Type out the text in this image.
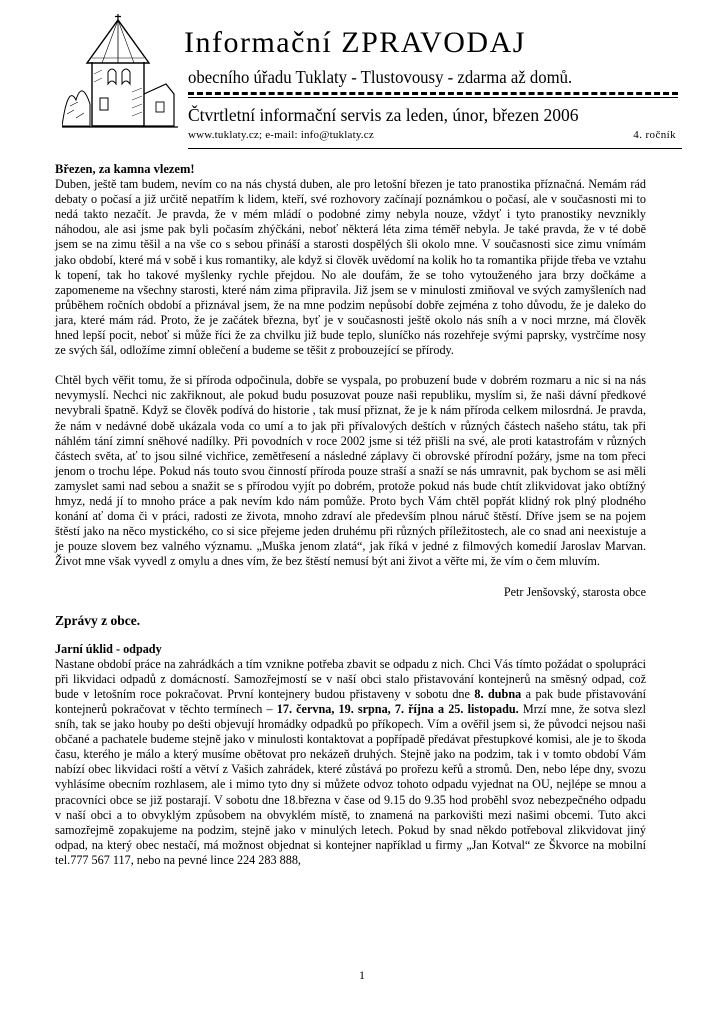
Informační ZPRAVODAJ
obecního úřadu Tuklaty - Tlustovousy - zdarma až domů.
Čtvrtletní informační servis za leden, únor, březen 2006
www.tuklaty.cz; e-mail: info@tuklaty.cz	4. ročník
Březen, za kamna vlezem!

Duben, ještě tam budem, nevím co na nás chystá duben, ale pro letošní březen je tato pranostika příznačná. Nemám rád debaty o počasí a již určitě nepatřím k lidem, kteří, své rozhovory začínají poznámkou o počasí, ale v současnosti mi to nedá takto nezačít. Je pravda, že v mém mládí o podobné zimy nebyla nouze, vždyť i tyto pranostiky nevznikly náhodou, ale asi jsme pak byli počasím zhýčkáni, neboť některá léta zima téměř nebyla. Je také pravda, že v té době jsem se na zimu těšil a na vše co s sebou přináší a starosti dospělých šli okolo mne. V současnosti sice zimu vnímám jako období, které má v sobě i kus romantiky, ale když si člověk uvědomí na kolik ho ta romantika přijde třeba ve vztahu k topení, tak ho takové myšlenky rychle přejdou. No ale doufám, že se toho vytouženého jara brzy dočkáme a zapomeneme na všechny starosti, které nám zima připravila. Již jsem se v minulosti zmiňoval ve svých zamyšleních nad průběhem ročních období a přiznával jsem, že na mne podzim nepůsobí dobře zejména z toho důvodu, že je daleko do jara, které mám rád. Proto, že je začátek března, byť je v současnosti ještě okolo nás sníh a v noci mrzne, má člověk hned lepší pocit, neboť si může říci že za chvilku již bude teplo, sluníčko nás rozehřeje svými paprsky, vystrčíme nosy ze svých šál, odložíme zimní oblečení a budeme se těšit z probouzející se přírody.

Chtěl bych věřit tomu, že si příroda odpočinula, dobře se vyspala, po probuzení bude v dobrém rozmaru a nic si na nás nevymyslí. Nechci nic zakřiknout, ale pokud budu posuzovat pouze naši republiku, myslím si, že naši dávní předkové nevybrali špatně. Když se člověk podívá do historie , tak musí přiznat, že je k nám příroda celkem milosrdná. Je pravda, že nám v nedávné době ukázala voda co umí a to jak při přívalových deštích v různých částech našeho státu, tak při náhlém tání zimní sněhové nadílky. Při povodních v roce 2002 jsme si též přišli na své, ale proti katastrofám v různých částech světa, ať to jsou silné vichřice, zemětřesení a následné záplavy či obrovské přírodní požáry, jsme na tom přeci jenom o trochu lépe. Pokud nás touto svou činností příroda pouze straší a snaží se nás umravnit, pak bychom se asi měli zamyslet sami nad sebou a snažit se s přírodou vyjít po dobrém, protože pokud nás bude chtít zlikvidovat jako obtížný hmyz, nedá jí to mnoho práce a pak nevím kdo nám pomůže. Proto bych Vám chtěl popřát klidný rok plný plodného konání ať doma či v práci, radosti ze života, mnoho zdraví ale především plnou náruč štěstí. Dříve jsem se na pojem štěstí jako na něco mystického, co si sice přejeme jeden druhému při různých příležitostech, ale co snad ani neexistuje a je pouze slovem bez valného významu. „Muška jenom zlatá“, jak říká v jedné z filmových komedií Jaroslav Marvan. Život mne však vyvedl z omylu a dnes vím, že bez štěstí nemusí být ani život a věřte mi, že vím o čem mluvím.

Petr Jenšovský, starosta obce

Zprávy z obce.
Jarní úklid - odpady

Nastane období práce na zahrádkách a tím vznikne potřeba zbavit se odpadu z nich. Chci Vás tímto požádat o spolupráci při likvidaci odpadů z domácností. Samozřejmostí se v naší obci stalo přistavování kontejnerů na směsný odpad, což bude v letošním roce pokračovat. První kontejnery budou přistaveny v sobotu dne 8. dubna a pak bude přistavování kontejnerů pokračovat v těchto termínech – 17. června, 19. srpna, 7. října a 25. listopadu. Mrzí mne, že sotva slezl sníh, tak se jako houby po dešti objevují hromádky odpadků po příkopech. Vím a ověřil jsem si, že původci nejsou naši občané a pachatele budeme stejně jako v minulosti kontaktovat a popřípadě předávat přestupkové komisi, ale je to škoda času, kterého je málo a který musíme obětovat pro nekázeň druhých. Stejně jako na podzim, tak i v tomto období Vám nabízí obec likvidaci roští a větví z Vašich zahrádek, které zůstává po prořezu keřů a stromů. Den, nebo lépe dny, svozu vyhlásíme obecním rozhlasem, ale i mimo tyto dny si můžete odvoz tohoto odpadu vyjednat na OU, nejlépe se mnou a pracovníci obce se již postarají. V sobotu dne 18.března v čase od 9.15 do 9.35 hod proběhl svoz nebezpečného odpadu v naší obci a to obvyklým způsobem na obvyklém místě, to znamená na parkovišti mezi našimi obcemi. Tuto akci samozřejmě zopakujeme na podzim, stejně jako v minulých letech. Pokud by snad někdo potřeboval zlikvidovat jiný odpad, na který obec nestačí, má možnost objednat si kontejner například u firmy „Jan Kotval“ ze Škvorce na mobilní tel.777 567 117, nebo na pevné lince 224 283 888,

1
